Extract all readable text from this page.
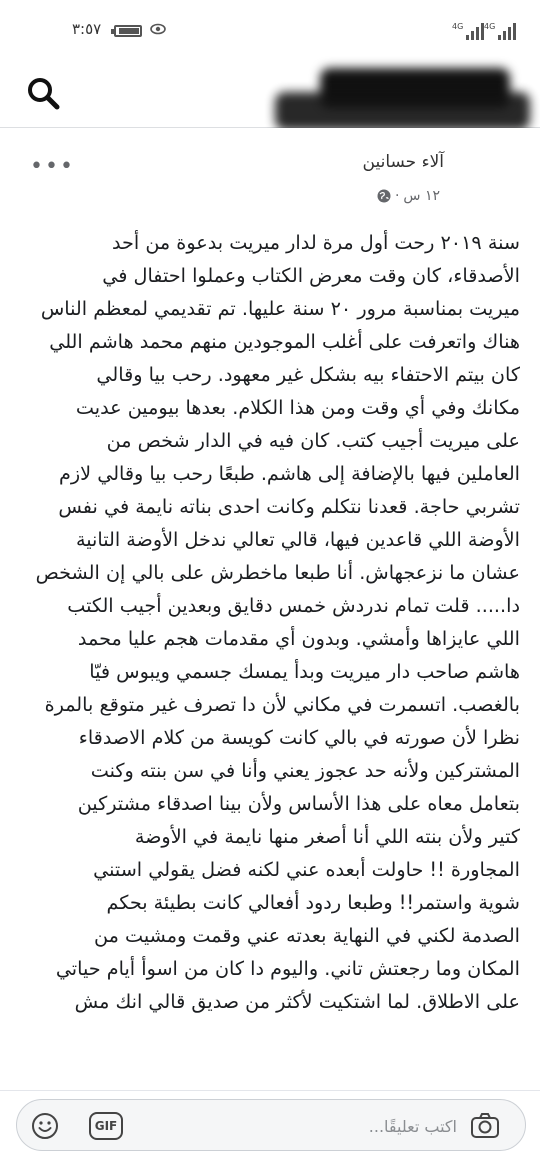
٣:٥٧	4G	4G
•••	آلاء حسانين
١٢ س
·
سنة ٢٠١٩ رحت أول مرة لدار ميريت بدعوة من أحد
الأصدقاء، كان وقت معرض الكتاب وعملوا احتفال في
ميريت بمناسبة مرور ٢٠ سنة عليها. تم تقديمي لمعظم الناس
هناك واتعرفت على أغلب الموجودين منهم محمد هاشم اللي
كان بيتم الاحتفاء بيه بشكل غير معهود. رحب بيا وقالي
مكانك وفي أي وقت ومن هذا الكلام. بعدها بيومين عديت
على ميريت أجيب كتب. كان فيه في الدار شخص من
العاملين فيها بالإضافة إلى هاشم. طبعًا رحب بيا وقالي لازم
تشربي حاجة. قعدنا نتكلم وكانت احدى بناته نايمة في نفس
الأوضة اللي قاعدين فيها، قالي تعالي ندخل الأوضة التانية
عشان ما نزعجهاش. أنا طبعا ماخطرش على بالي إن الشخص
دا..... قلت تمام ندردش خمس دقايق وبعدين أجيب الكتب
اللي عايزاها وأمشي. وبدون أي مقدمات هجم عليا محمد
هاشم صاحب دار ميريت وبدأ يمسك جسمي ويبوس فيّا
بالغصب. اتسمرت في مكاني لأن دا تصرف غير متوقع بالمرة
نظرا لأن صورته في بالي كانت كويسة من كلام الاصدقاء
المشتركين ولأنه حد عجوز يعني وأنا في سن بنته وكنت
بتعامل معاه على هذا الأساس ولأن بينا اصدقاء مشتركين
كتير ولأن بنته اللي أنا أصغر منها نايمة في الأوضة
المجاورة !! حاولت أبعده عني لكنه فضل يقولي استني
شوية واستمر!! وطبعا ردود أفعالي كانت بطيئة بحكم
الصدمة لكني في النهاية بعدته عني وقمت ومشيت من
المكان وما رجعتش تاني. واليوم دا كان من اسوأ أيام حياتي
على الاطلاق. لما اشتكيت لأكثر من صديق قالي انك مش
GIF
اكتب تعليقًا...
